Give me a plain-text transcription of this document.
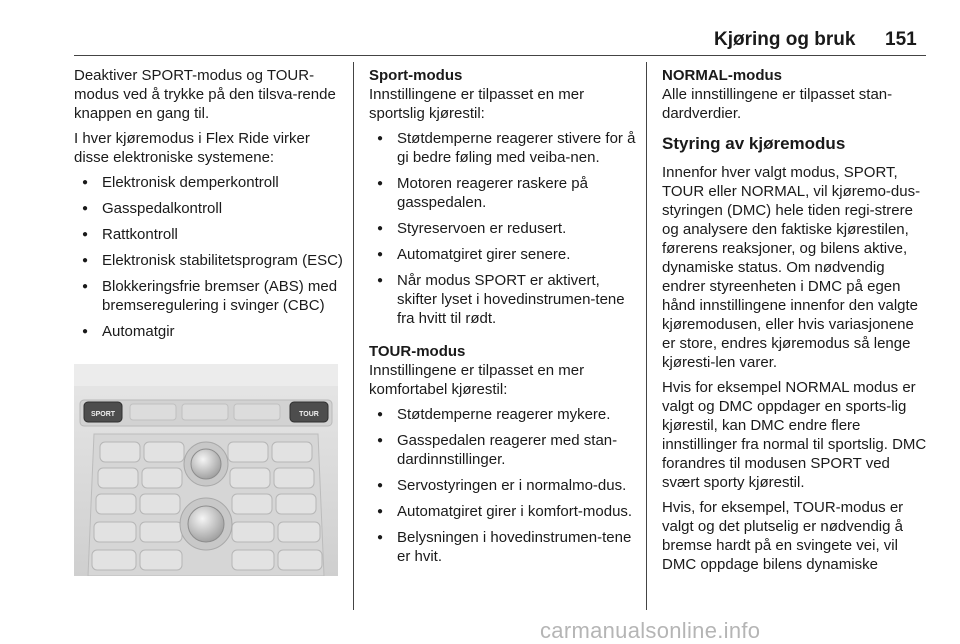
Kjøring og bruk 151

Deaktiver SPORT-modus og TOUR-modus ved å trykke på den tilsva-rende knappen en gang til.

I hver kjøremodus i Flex Ride virker disse elektroniske systemene:

● Elektronisk demperkontroll
● Gasspedalkontroll
● Rattkontroll
● Elektronisk stabilitetsprogram (ESC)
● Blokkeringsfrie bremser (ABS) med bremseregulering i svinger (CBC)
● Automatgir
SPORT	TOUR

Sport-modus

Innstillingene er tilpasset en mer sportslig kjørestil:

● Støtdemperne reagerer stivere for å gi bedre føling med veiba-nen.
● Motoren reagerer raskere på gasspedalen.
● Styreservoen er redusert.
● Automatgiret girer senere.
● Når modus SPORT er aktivert, skifter lyset i hovedinstrumen-tene fra hvitt til rødt.

TOUR-modus

Innstillingene er tilpasset en mer komfortabel kjørestil:

● Støtdemperne reagerer mykere.
● Gasspedalen reagerer med stan-dardinnstillinger.
● Servostyringen er i normalmo-dus.
● Automatgiret girer i komfort-modus.
● Belysningen i hovedinstrumen-tene er hvit.

NORMAL-modus

Alle innstillingene er tilpasset stan-dardverdier.

Styring av kjøremodus

Innenfor hver valgt modus, SPORT, TOUR eller NORMAL, vil kjøremo-dus-styringen (DMC) hele tiden regi-strere og analysere den faktiske kjørestilen, førerens reaksjoner, og bilens aktive, dynamiske status. Om nødvendig endrer styreenheten i DMC på egen hånd innstillingene innenfor den valgte kjøremodusen, eller hvis variasjonene er store, endres kjøremodus så lenge kjøresti-len varer.

Hvis for eksempel NORMAL modus er valgt og DMC oppdager en sports-lig kjørestil, kan DMC endre flere innstillinger fra normal til sportslig. DMC forandres til modusen SPORT ved svært sporty kjørestil.

Hvis, for eksempel, TOUR-modus er valgt og det plutselig er nødvendig å bremse hardt på en svingete vei, vil DMC oppdage bilens dynamiske

carmanualsonline.info
